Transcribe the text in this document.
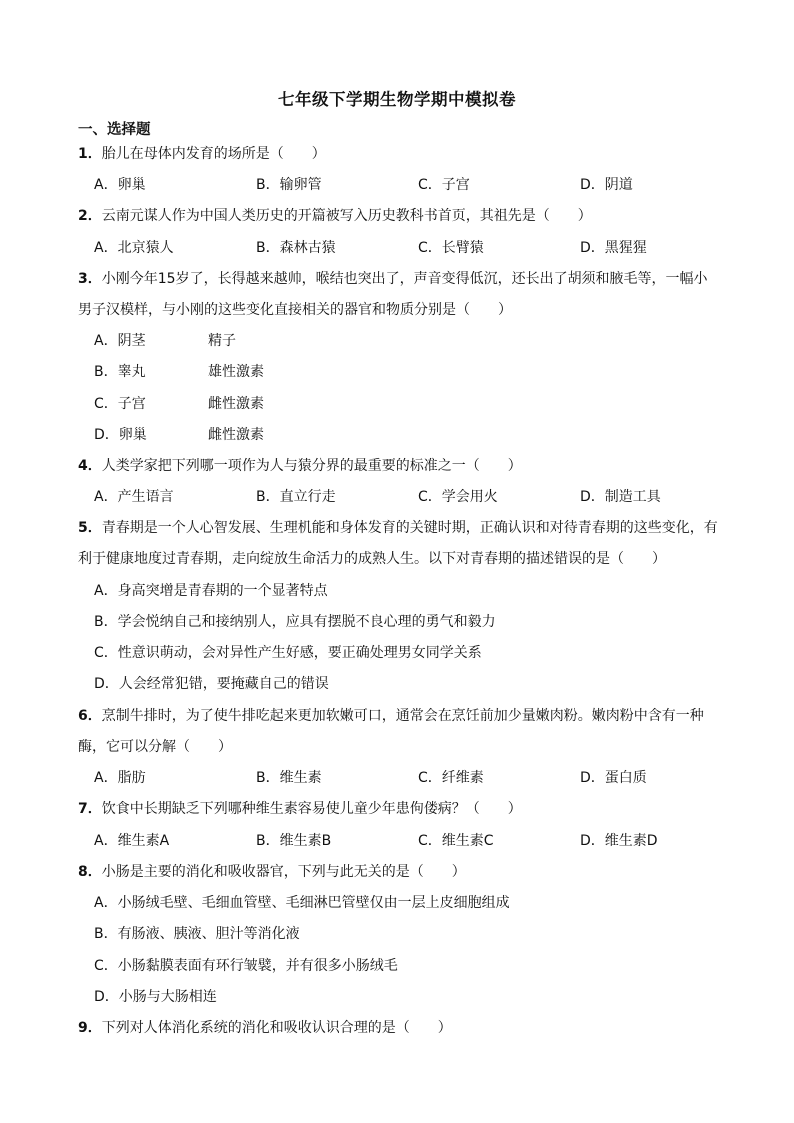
七年级下学期生物学期中模拟卷
一、选择题
1．胎儿在母体内发育的场所是（　　）
A．卵巢	B．输卵管	C．子宫	D．阴道
2．云南元谋人作为中国人类历史的开篇被写入历史教科书首页，其祖先是（　　）
A．北京猿人	B．森林古猿	C．长臂猿	D．黑猩猩
3．小刚今年15岁了，长得越来越帅，喉结也突出了，声音变得低沉，还长出了胡须和腋毛等，一幅小
男子汉模样，与小刚的这些变化直接相关的器官和物质分别是（　　）
A．阴茎	精子
B．睾丸	雄性激素
C．子宫	雌性激素
D．卵巢	雌性激素
4．人类学家把下列哪一项作为人与猿分界的最重要的标准之一（　　）
A．产生语言	B．直立行走	C．学会用火	D．制造工具
5．青春期是一个人心智发展、生理机能和身体发育的关键时期，正确认识和对待青春期的这些变化，有
利于健康地度过青春期，走向绽放生命活力的成熟人生。以下对青春期的描述错误的是（　　）
A．身高突增是青春期的一个显著特点
B．学会悦纳自己和接纳别人，应具有摆脱不良心理的勇气和毅力
C．性意识萌动，会对异性产生好感，要正确处理男女同学关系
D．人会经常犯错，要掩藏自己的错误
6．烹制牛排时，为了使牛排吃起来更加软嫩可口，通常会在烹饪前加少量嫩肉粉。嫩肉粉中含有一种
酶，它可以分解（　　）
A．脂肪	B．维生素	C．纤维素	D．蛋白质
7．饮食中长期缺乏下列哪种维生素容易使儿童少年患佝偻病？（　　）
A．维生素A	B．维生素B	C．维生素C	D．维生素D
8．小肠是主要的消化和吸收器官，下列与此无关的是（　　）
A．小肠绒毛壁、毛细血管壁、毛细淋巴管壁仅由一层上皮细胞组成
B．有肠液、胰液、胆汁等消化液
C．小肠黏膜表面有环行皱襞，并有很多小肠绒毛
D．小肠与大肠相连
9．下列对人体消化系统的消化和吸收认识合理的是（　　）
